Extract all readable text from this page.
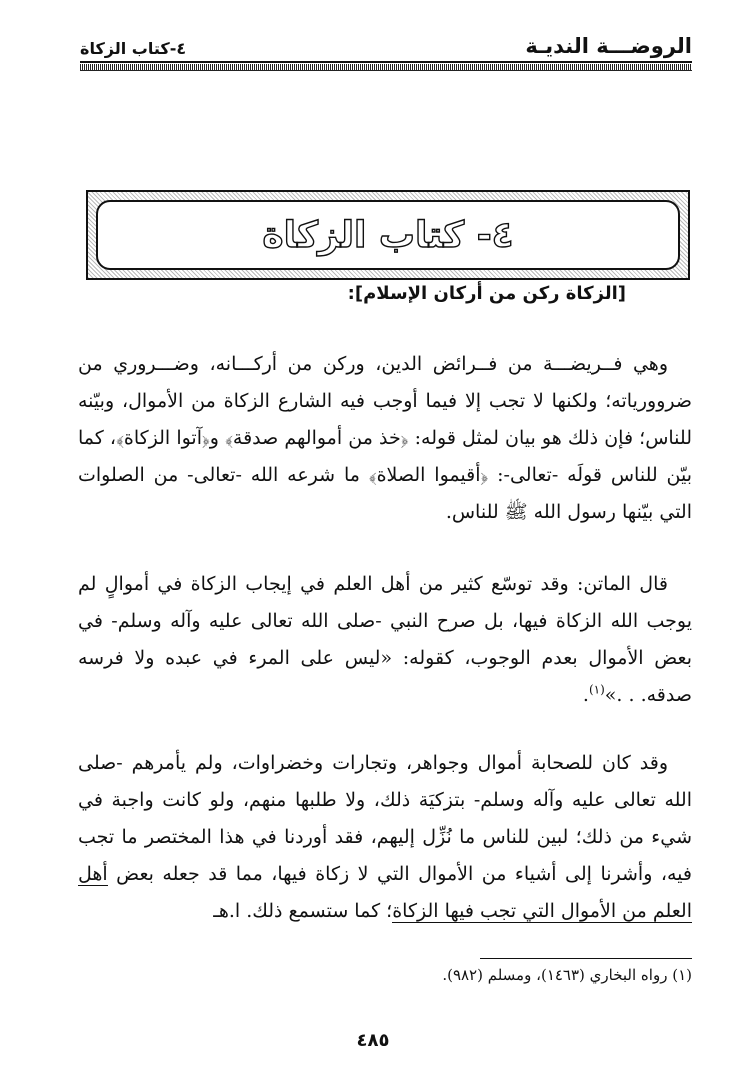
الروضـــة النديـة
٤-كتاب الزكاة
٤- كتاب الزكاة
[الزكاة ركن من أركان الإسلام]:

وهي فــريضـــة من فــرائض الدين، وركن من أركـــانه، وضـــروري من ضروورياته؛ ولكنها لا تجب إلا فيما أوجب فيه الشارع الزكاة من الأموال، وبيّنه للناس؛ فإن ذلك هو بيان لمثل قوله: ﴿خذ من أموالهم صدقة﴾ و﴿آتوا الزكاة﴾، كما بيّن للناس قولَه -تعالى-: ﴿أقيموا الصلاة﴾ ما شرعه الله -تعالى- من الصلوات التي بيّنها رسول الله ﷺ للناس.

قال الماتن: وقد توسّع كثير من أهل العلم في إيجاب الزكاة في أموالٍ لم يوجب الله الزكاة فيها، بل صرح النبي -صلى الله تعالى عليه وآله وسلم- في بعض الأموال بعدم الوجوب، كقوله: «ليس على المرء في عبده ولا فرسه صدقه. . .»$^{(١)}$.

وقد كان للصحابة أموال وجواهر، وتجارات وخضراوات، ولم يأمرهم -صلى الله تعالى عليه وآله وسلم- بتزكيَة ذلك، ولا طلبها منهم، ولو كانت واجبة في شيء من ذلك؛ لبين للناس ما نُزِّل إليهم، فقد أوردنا في هذا المختصر ما تجب فيه، وأشرنا إلى أشياء من الأموال التي لا زكاة فيها، مما قد جعله بعض أهل العلم من الأموال التي تجب فيها الزكاة؛ كما ستسمع ذلك. ا.هـ

(١) رواه البخاري (١٤٦٣)، ومسلم (٩٨٢).
٤٨٥
